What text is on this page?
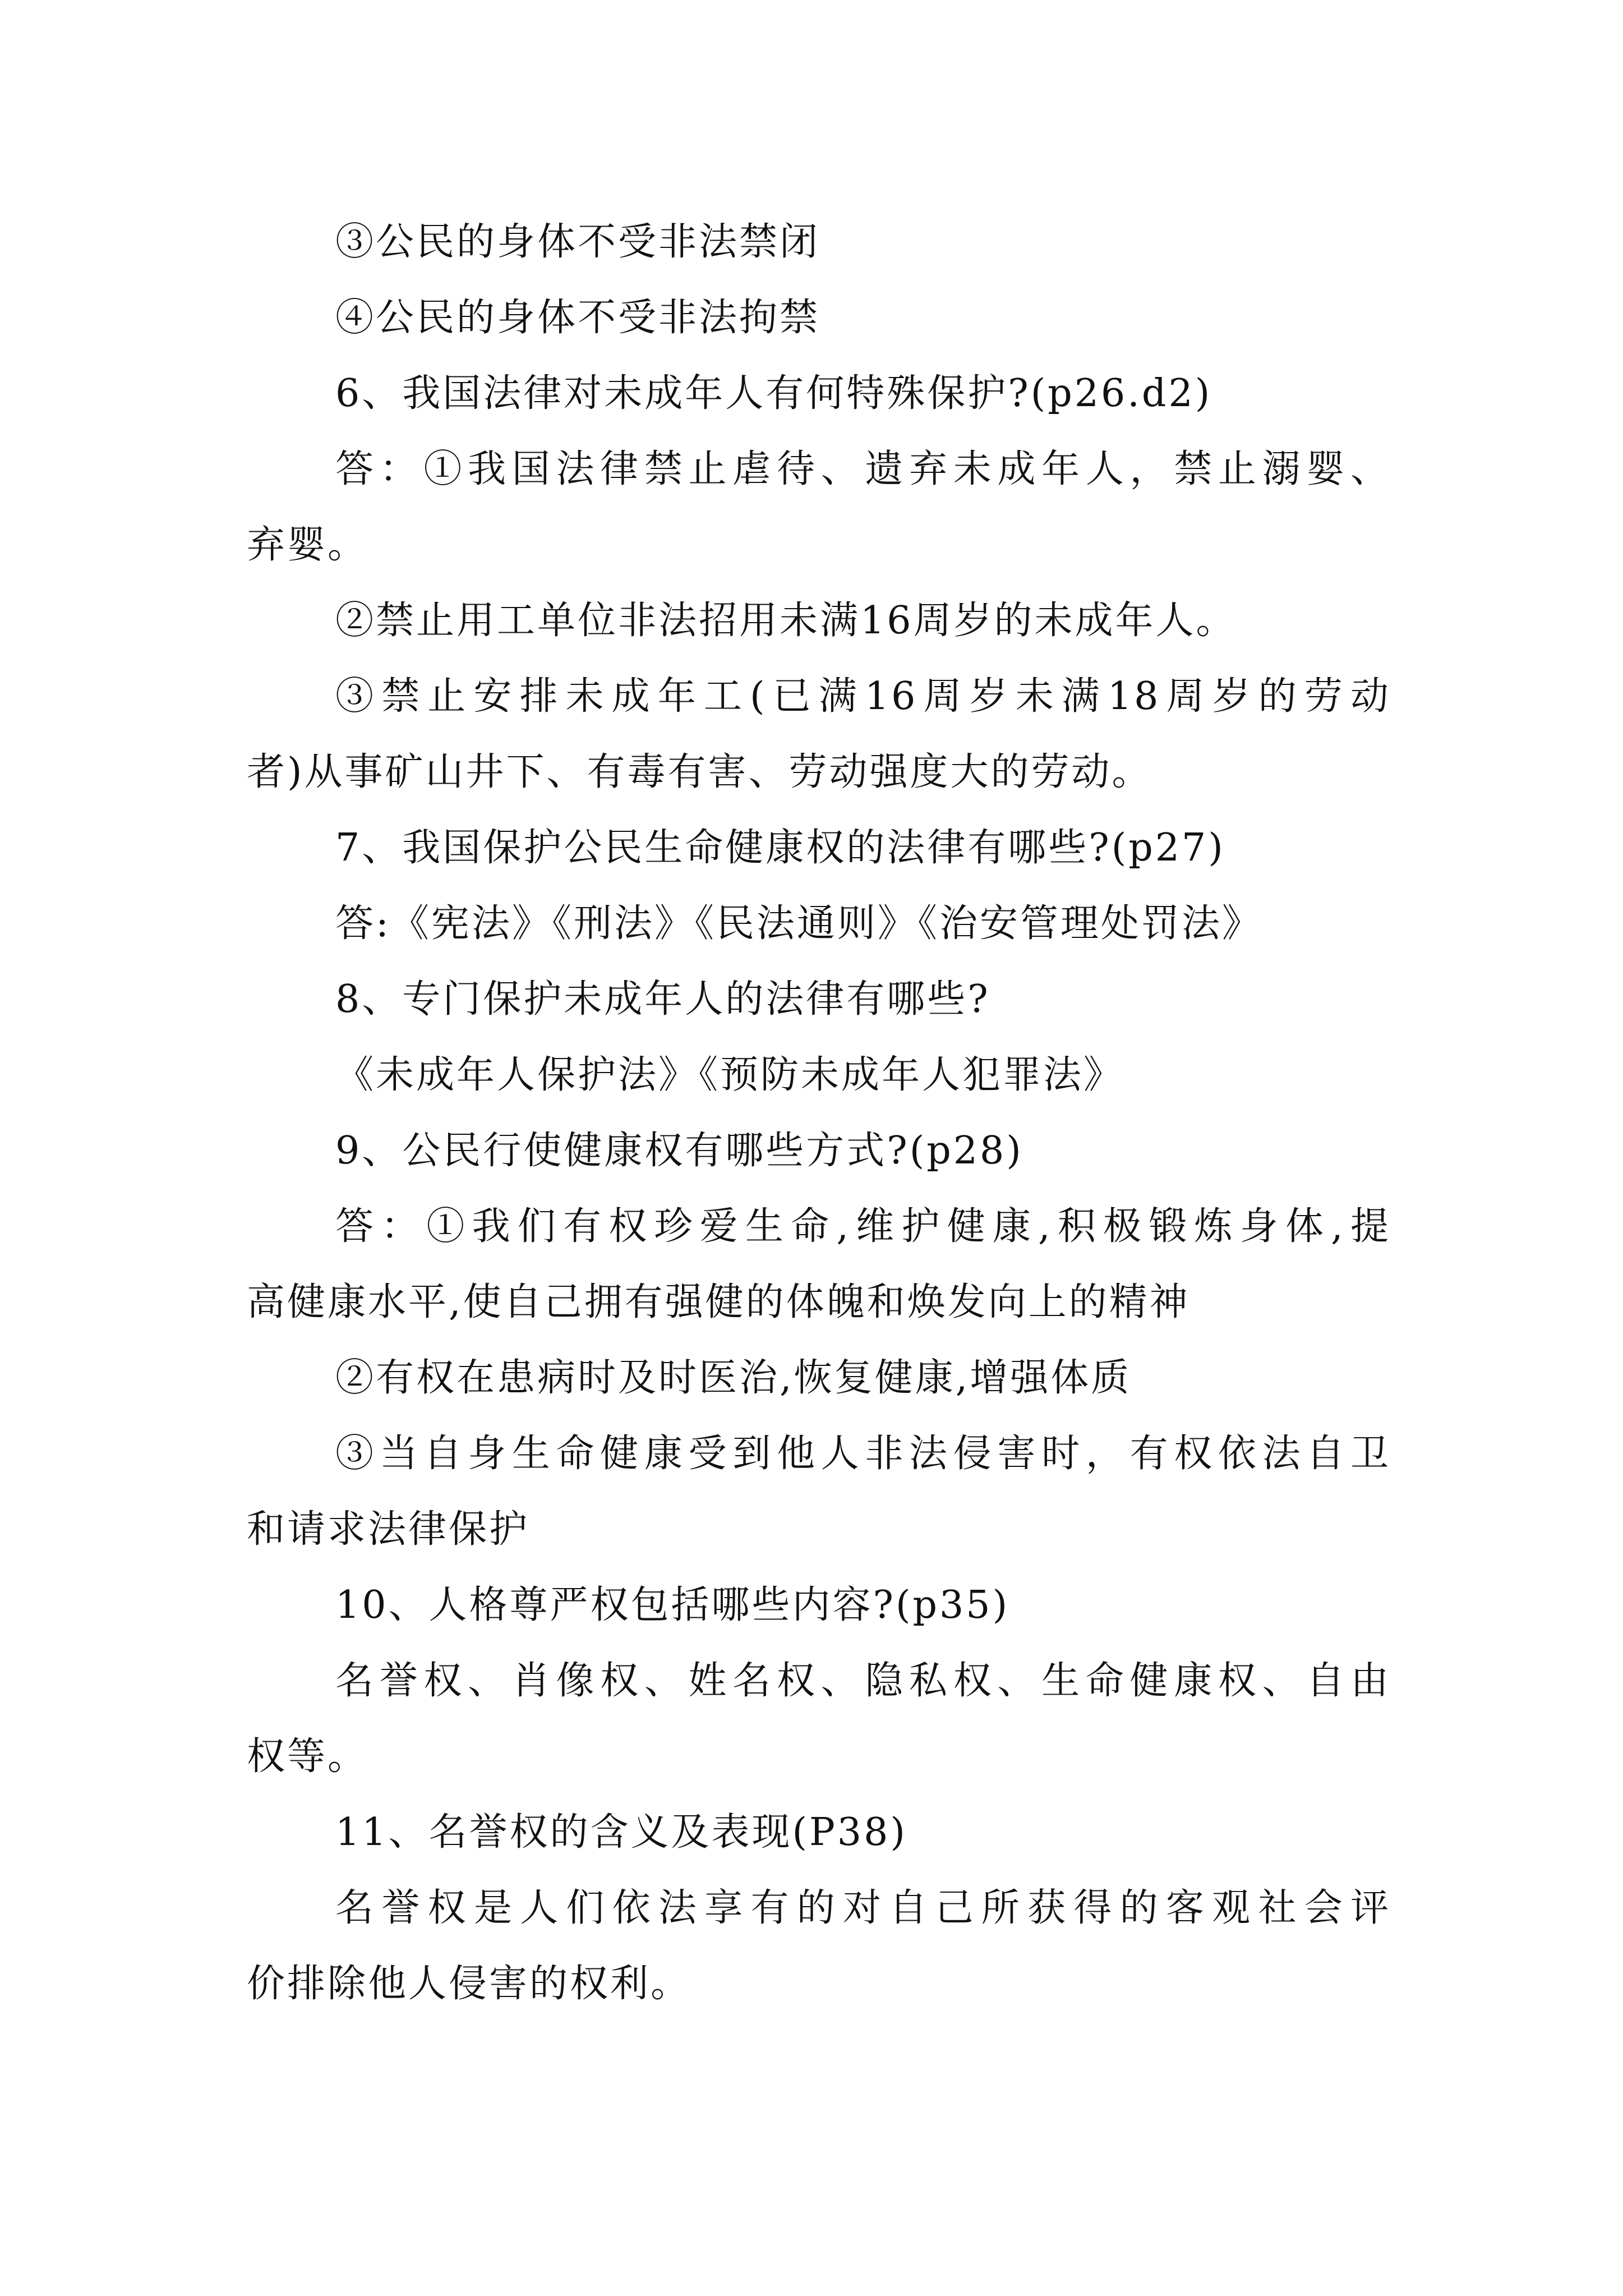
③公民的身体不受非法禁闭
④公民的身体不受非法拘禁
6、我国法律对未成年人有何特殊保护?(p26.d2)
答：①我国法律禁止虐待、遗弃未成年人，禁止溺婴、
弃婴。
②禁止用工单位非法招用未满16周岁的未成年人。
③禁止安排未成年工(已满16周岁未满18周岁的劳动
者)从事矿山井下、有毒有害、劳动强度大的劳动。
7、我国保护公民生命健康权的法律有哪些?(p27)
答:《宪法》《刑法》《民法通则》《治安管理处罚法》
8、专门保护未成年人的法律有哪些?
《未成年人保护法》《预防未成年人犯罪法》
9、公民行使健康权有哪些方式?(p28)
答：①我们有权珍爱生命,维护健康,积极锻炼身体,提
高健康水平,使自己拥有强健的体魄和焕发向上的精神
②有权在患病时及时医治,恢复健康,增强体质
③当自身生命健康受到他人非法侵害时，有权依法自卫
和请求法律保护
10、人格尊严权包括哪些内容?(p35)
名誉权、肖像权、姓名权、隐私权、生命健康权、自由
权等。
11、名誉权的含义及表现(P38)
名誉权是人们依法享有的对自己所获得的客观社会评
价排除他人侵害的权利。
